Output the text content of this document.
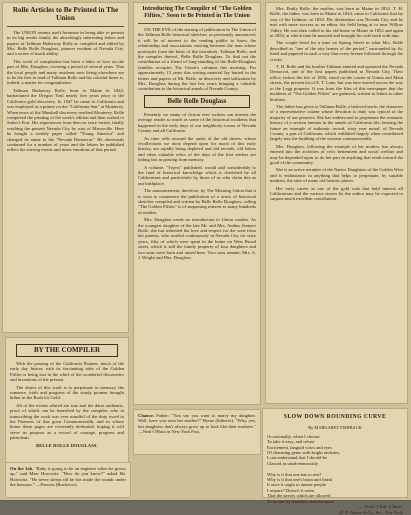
Rolle Articles to Be Printed in The Union

The UNION resents itself fortunate in being able to present in its big reader family the absorbingly interesting letters and papers of Tallman Hathaway Rolle as compiled and edited by Mrs. Belle Rolle Douglass, pioneer resident of Nevada City, and a writer of much ability.

This work of compilation has been a labor of love on the part of Mrs. Douglass, covering a period of several years. That the local people and many residents now living elsewhere are to be the first to read of Tallman Rolle and his colorful times is, indeed, a matter for congratulation.

Tallman Hathaway Rolle, born in Maine in 1824, barbarianed the Oregon Trail nearly five years prior to the California gold discovery. In 1847 he came to California and was employed as a printer on the "California Star" at Monterey. When news of the Marshall discovery reached Monterey, Rolle completed the printing of the week's edition and then rushed to Sutter's Fort. His experiences from then on were varied, finally reaching the present Nevada City by way of Marysville. Here he bought a weekly paper called "Young America" and changed its name to the "Nevada Democrat." He afterwards continued for a number of years and the letters he published reflect the stirring events and times emotions of that period.

BY THE COMPILER

With the passing of the California Pioneer, much of the early day history with its fascinating tales of the Golden Fifties is being lost in the whirl of the wonderful discoveries and inventions of the present.

The object of this work is to perpetuate in memory, the romance, trials and progress of the sturdy pioneer brought hither in the Rush for Gold.

All of the events related are true and the dates authentic, proof of which can be furnished by the compiler, who in transcribing the work was ever mindful of the duty owed to the Pioneers of this great Commonwealth, and in whose honor these pages are reverently dedicated, hoping it will serve its purpose as a record of courage, progress and patriotism.

BELLE ROLLE DOUGLASS.
Introducing The Compiler of "The Golden Fifties," Soon to Be Printed in The Union

ON THE EVE of the starting of publication in The Union of the Tallman Rolle historical sketches, as previously announced, it will be of interest to the reading public to know the relationship and associations existing between the man whose portrayals form the basis of the narratives, Tallman Rolle, and the compiler thereof, Belle Rolle Douglass. To find out the contribution of a friend of long-standing of the Rolle-Douglass families occupies The Union's columns this morning. For approximately 13 years this writing material lay buried in the letters and papers of Mr. Rolle, in discovery and utilization by Mrs. Douglass during the last few years bringing a valuable contribution to the historical annals of Nevada County.

Belle Rolle Douglass

Presently we many of fiction ever written can interest the average reader so much as some of the historical incidents that happened in the early days of our neighborly towns of Nevada County and all California.

As time rolls onward the ranks of the old timers, whose recollections we most depend upon for much of this early history, are rapidly being depleted and old records, old letters and other valuable relics of the days of the first settlers are fading fast in passing from memory.

A volume, "Tryers" published, would add considerably to the fund of historical knowledge which is cherished by all Californians and particularly by those of us who claim this as our birthplace.

The announcement, therefore, by The Morning Union that it is soon to commence the publication of a series of historical sketches compiled and written by Belle Rolle Douglass, calling "The Golden Fifties" is of surpassing interest to many hundreds of readers.

Mrs. Douglass needs no introduction to Union readers. As the youngest daughter of the late Mr. and Mrs. Anthus Jennyer Rolle, she has inherited the love and respect for the west from her parents, who resided continuously in Nevada City for sixty years, fifty of which were spent in the home on West Broad street, which is still the family property of four daughters and two sons were born and raised here. Two sons remain, Mrs. S. J. Wright and Mrs. Douglass.

Mrs. Emily Rolle, the mother, was born in Maine in 1832. T. H. Rolle, the father, was born in Maine in 1824, came to California first by way of the Isthmus, in 1834. His destination was Nevada City and he met with more success as an editor, his field being at or near Willow Valley. He was then called to his old home in Maine in 1852 and again in 1854, at which time he married and brought his wife back with him.

The couple lived for a time on Spring Street in what Mrs. Rolle described as "one of the airy homes of the period," surrounded by fir, lined and papered in such a way that every breeze followed through the cracks.

T. H. Rolle and his brother Tallman entered and operated the Nevada Democrat, one of the first papers published in Nevada City. Their office, before the fire of 1856, stood on the corner of Union and Main streets, the present lot of E. T. Lane, but was later moved across the way to the Legg property. It was from the files of this newspaper that the incidents of "The Golden Fifties" are gathered, written as letters to other brothers.

The father has given to Tallman Rolle, a beloved uncle, the character of a representative citizen whose devotion to duty was typical of the majority of our pioneers. She has endeavored to perpetuate the romantic history of a section famous in the annals of California life, bearing the future an example of authentic record, sixty year moral, of Nevada County, a part of California, which exhibited largely when contributed largely into the building of the western commonwealth.

Mrs. Douglass, following the example of her mother, has always entered into the activities of civic betterment and social welfare and may be depended upon to do her part in anything that tends toward the good of the community.

She is an active member of the Native Daughters of the Golden West and is enthusiastic in anything that helps to perpetuate, by suitable markers, the sites of many old historic places.

Her early career as one of the gold rush that held interest all Californians and the various stories by the author may be expected to surpass much excellent contribution.

On the Job. "Baby is going to be an engineer when he grows up," said Maw Horowitz. "How do you know?" asked Mr. Horowitz. "He never sleeps till he has made the rounds under the bassoon." —Parsons (Buckeroo).

Chance. Father: "You say you want to marry my daughter. Well, have you seen her mother?" Byrne (hitherto): "Why, yes, but daughters don't always grow up to look like their mothers." —Neal O'Hara in New York Post.

SLOW DOWN ROUNDING CURVE
By MARGARET FISHBACK
Occasionally, when I choose
To take it easy, and refuse
Excitement, languid vows and eyes
Of charming gents with bright neckties,
I can understand that I should be
Classed as unadventurously

Why is it that one has to rest?
Why is it that one's brain and finish
It once it ought to amaze people
I require? Doesn't it seem
That the nerves which are allowed
To mount by harmless abandonment
— From "I Take It Back"
(E. P. Dutton & Co., Inc., New York)
